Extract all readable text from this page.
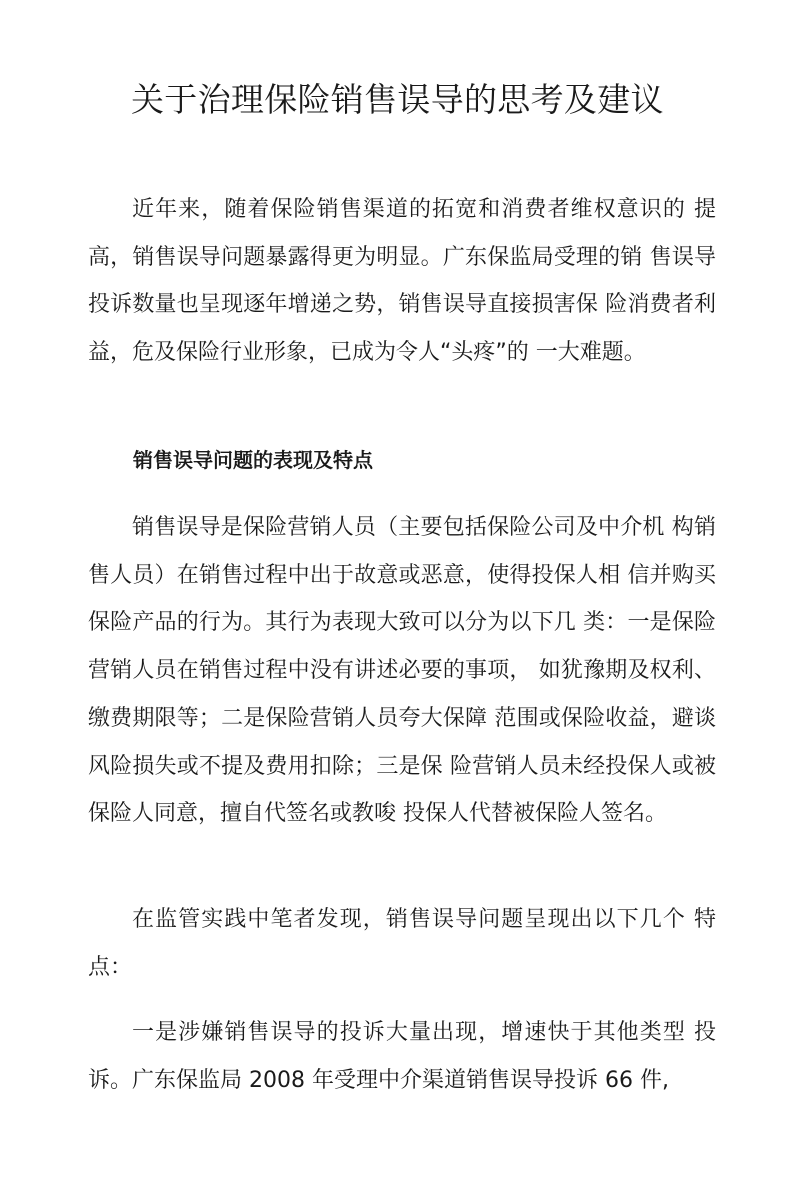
关于治理保险销售误导的思考及建议

近年来，随着保险销售渠道的拓宽和消费者维权意识的 提高，销售误导问题暴露得更为明显。广东保监局受理的销 售误导投诉数量也呈现逐年增递之势，销售误导直接损害保 险消费者利益，危及保险行业形象，已成为令人“头疼”的 一大难题。

销售误导问题的表现及特点

销售误导是保险营销人员（主要包括保险公司及中介机 构销售人员）在销售过程中出于故意或恶意，使得投保人相 信并购买保险产品的行为。其行为表现大致可以分为以下几 类：一是保险营销人员在销售过程中没有讲述必要的事项， 如犹豫期及权利、缴费期限等；二是保险营销人员夸大保障 范围或保险收益，避谈风险损失或不提及费用扣除；三是保 险营销人员未经投保人或被保险人同意，擅自代签名或教唆 投保人代替被保险人签名。

在监管实践中笔者发现，销售误导问题呈现出以下几个 特点：

一是涉嫌销售误导的投诉大量出现，增速快于其他类型 投诉。广东保监局 2008 年受理中介渠道销售误导投诉 66 件,
